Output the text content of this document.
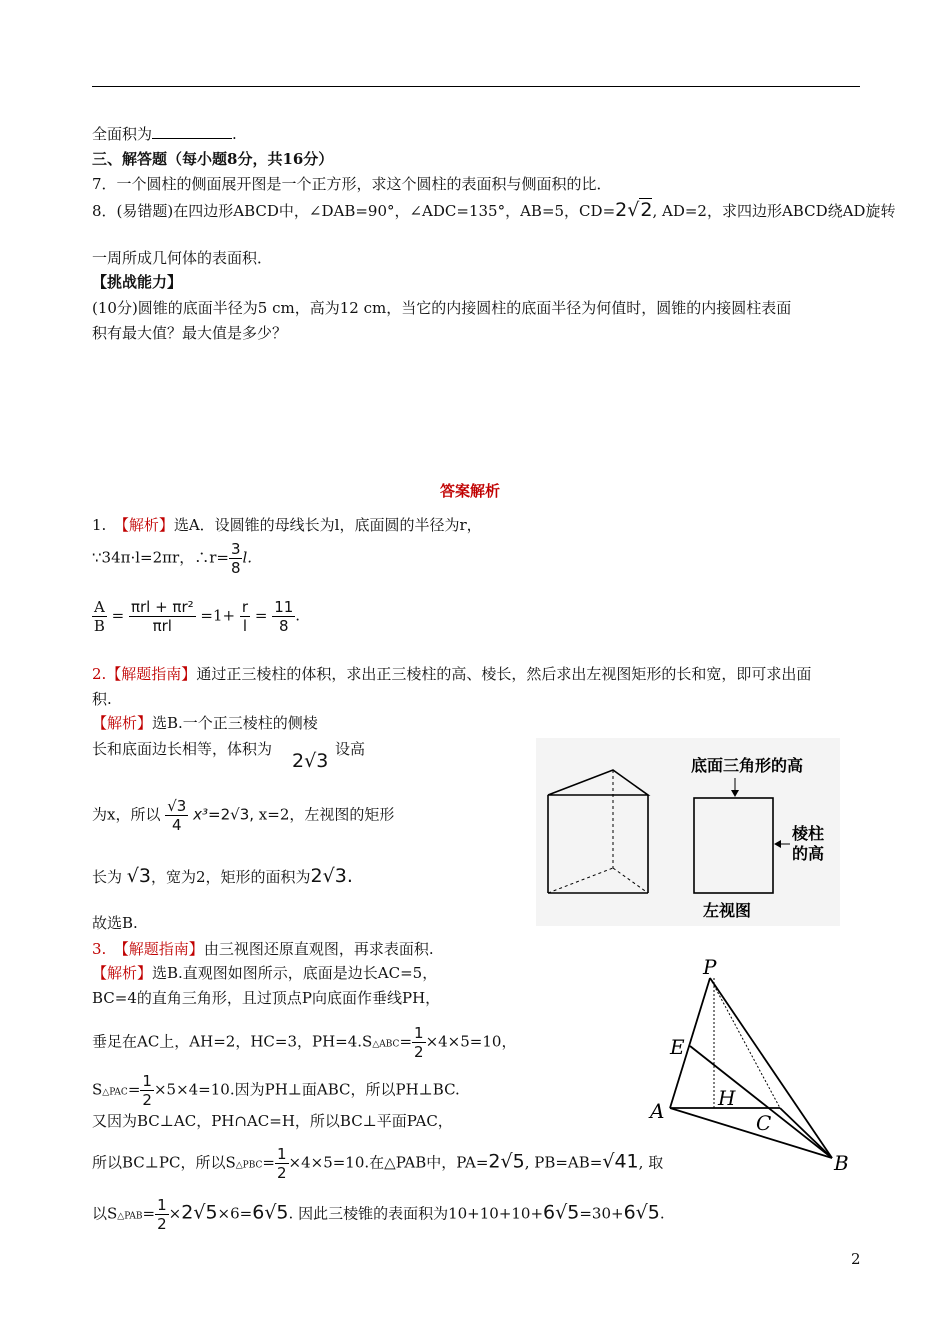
全面积为	.
三、解答题（每小题8分，共16分）
7．一个圆柱的侧面展开图是一个正方形，求这个圆柱的表面积与侧面积的比．
8．(易错题)在四边形ABCD中，∠DAB=90°，∠ADC=135°，AB=5，CD=2√2, AD=2，求四边形ABCD绕AD旋转
一周所成几何体的表面积．
【挑战能力】
(10分)圆锥的底面半径为5 cm，高为12 cm，当它的内接圆柱的底面半径为何值时，圆锥的内接圆柱表面
积有最大值？最大值是多少？
答案解析
1.　 【解析】选A．设圆锥的母线长为l，底面圆的半径为r，
∵34π·l=2πr，∴r= $\frac{3}{8} l$.
$\frac{A}{B} = \frac{\text{πrl + πr²}}{\text{πrl}} =1+ \frac{r}{l} = \frac{11}{8}$ .
2.【解题指南】通过正三棱柱的体积，求出正三棱柱的高、棱长，然后求出左视图矩形的长和宽，即可求出面
积.
【解析】选B.一个正三棱柱的侧棱
长和底面边长相等，体积为
2√3
设高
为x，所以 $\frac{√3}{4} x^3=2√3$, x=2，左视图的矩形
长为 √3，宽为2，矩形的面积为2√3.
故选B.
底面三角形的高
棱柱
的高
左视图
3.　【解题指南】由三视图还原直观图，再求表面积.
【解析】选B.直观图如图所示，底面是边长AC=5，
BC=4的直角三角形，且过顶点P向底面作垂线PH，
垂足在AC上，AH=2，HC=3，PH=4.S△ABC= $\frac{1}{2} \times 4\times 5=10$，
S△PAC= $\frac{1}{2} \times 5\times 4=10$.因为PH⊥面ABC，所以PH⊥BC.
又因为BC⊥AC，PH∩AC=H，所以BC⊥平面PAC，
所以BC⊥PC，所以S△PBC= $\frac{1}{2} \times 4\times 5=10$.在△PAB中，PA=2√5, PB=AB=√41, 取
以S△PAB= $\frac{1}{2} \times 2√5\times 6=6√5$. 因此三棱锥的表面积为10+10+10+6√5=30+6√5.
P
E
H
A	C
B
2
